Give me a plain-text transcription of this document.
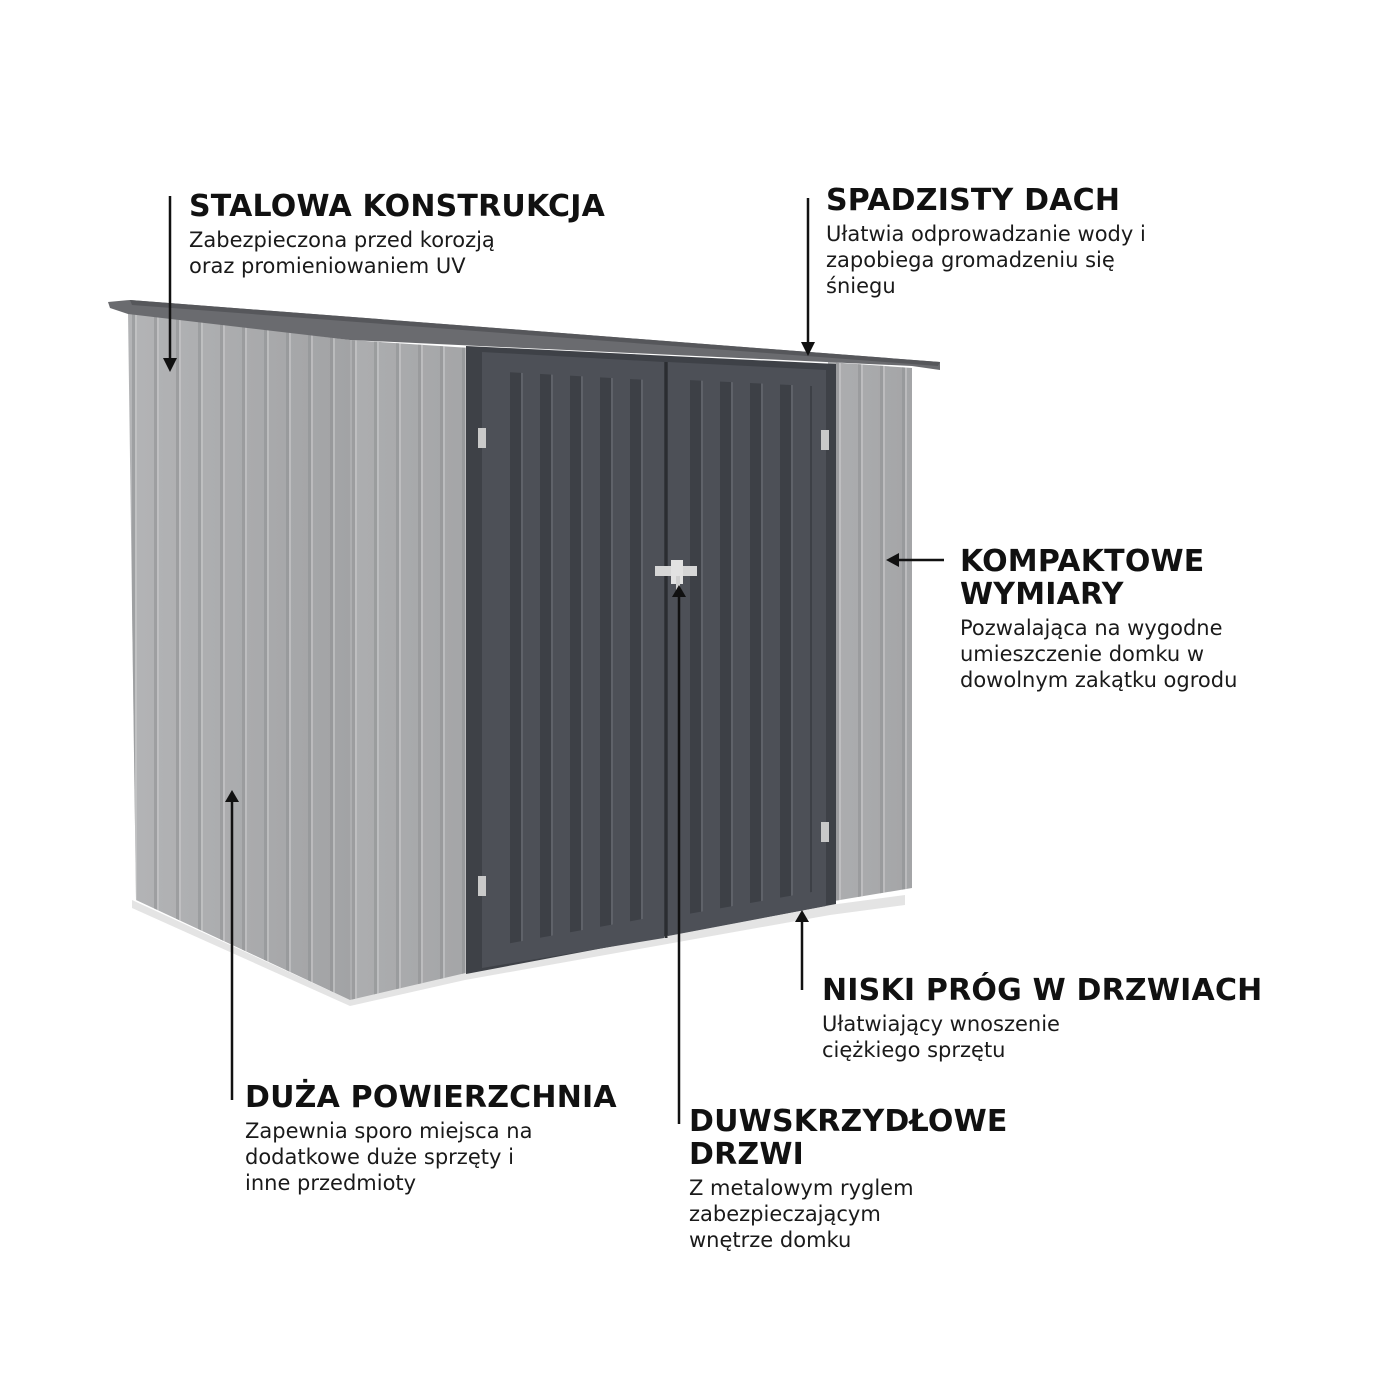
STALOWA KONSTRUKCJA
Zabezpieczona przed korozją
oraz promieniowaniem UV
SPADZISTY DACH
Ułatwia odprowadzanie wody i
zapobiega gromadzeniu się
śniegu
KOMPAKTOWE
WYMIARY
Pozwalająca na wygodne
umieszczenie domku w
dowolnym zakątku ogrodu
NISKI PRÓG W DRZWIACH
Ułatwiający wnoszenie
ciężkiego sprzętu
DUŻA POWIERZCHNIA
Zapewnia sporo miejsca na
dodatkowe duże sprzęty i
inne przedmioty
DUWSKRZYDŁOWE
DRZWI
Z metalowym ryglem
zabezpieczającym
wnętrze domku
